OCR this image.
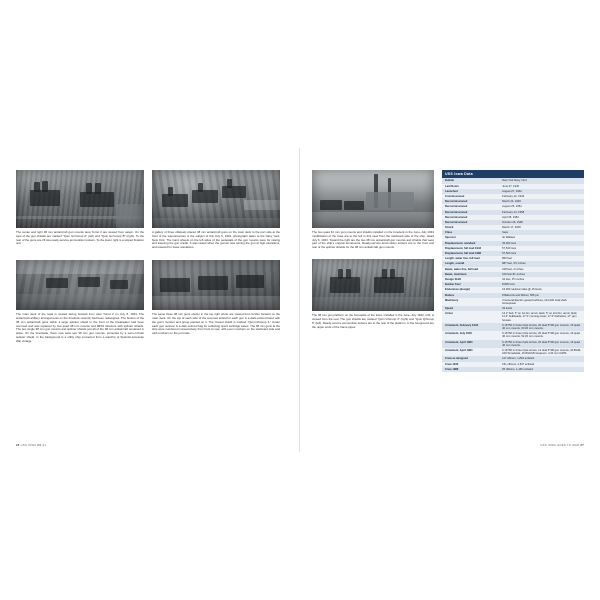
The center and right 38 mm antiaircraft gun mounts atop Turret 2 are viewed from astern. On the tops of the gun shields are marked "Quin Gn'Group A" (left) and "Quin Gn'Group B" (right). To the rear of the guns are 26 two-ready-service ammunition lockers. To the lower right is a sloped flotation unit.
A gallery of three obliquely placed 38 mm antiaircraft guns on the main deck to the port side at the front of the superstructure is the subject of this July 5, 1943, photograph taken at the Navy Yard, New York. The hand wheels on the left sides of the pedestals of the gun mounts were for raising and lowering the gun cradle. It was raised when the gunner was aiming the gun at high elevations, and lowered for lower elevations.
The main deck of the Iowa is viewed facing forward from atop Turret 2 on July 8, 1943. The antiaircraft artillery arrangements on the foredeck recently had been redesigned. The bottom of the 38 mm antiaircraft guns within a large splinter shield to the front of the breakwater had been removed and was replaced by two quad 38 mm mounts and 98/91 directors with splinter shields. The two single 38 mm gun mounts and splinter shields just aft of the 38 mm antiaircraft remained in place. On the forecastle, there now were two 38 mm gun mounts, protected by a semi-circular splinter shield. In the background is a utility ship converted from a warship of Spanish-American War vintage.
The same three 38 mm guns shown in the top right photo are viewed from further forward on the main deck. On the top of each side of the armored shield for each gun is a dark-colored band with the gun's number and group painted on it. The closest shield is marked "Quin N/Group 4." Under each gun receiver is a dark-colored bag for collecting spent cartridge cases. The 38 mm guns at the ship were numbered consecutively from front to rear, with even numbers on the starboard side and odd numbers on the port side.
26 USS IOWA BB-61
The two quad 40 mm gun mounts and shields installed on the foredeck in the June–July 1943 modification of the Iowa are to the left in this view from the starboard side of the ship, dated July 6, 1943. Toward the right are the two 38 mm antiaircraft gun mounts and shields that were part of the ship's original armaments. Ready-service ammunition lockers are to the front and rear of the splinter shields for the 38 mm antiaircraft gun mounts.
The 38 mm gun platform on the forecastle of the Iowa, installed in the June–July 1943, refit, is viewed from the rear. The gun shields are marked "Quin V/Group 4" (right) and "Quin Q/Group 5" (left). Ready-service ammunition lockers are to the rear of the platform. In the foreground are the upper ends of the frame pipes.
USS Iowa Data
Builder	New York Navy Yard
Laid Down	June 27, 1940
Launched	August 27, 1942
Commissioned	February 22, 1943
Decommissioned	March 24, 1949
Recommissioned	August 25, 1951
Decommissioned	February 24, 1958
Recommissioned	April 28, 1984
Decommissioned	October 26, 1990
Struck	March 17, 2006
Class	Iowa
Sponsor	Ilo Wallace
Displacement, standard	45,000 tons
Displacement, full load 1943	57,540 tons
Displacement, full load 1988	57,500 tons
Length, water line, full load	860 feet
Length, overall	887 feet, 3½ inches
Beam, water line, full load	108 feet, 2 inches
Beam, maximum	109 feet 8¼ inches
Design Draft	34 feet, 9½ inches
Bunker Fuel	8,835 tons
Endurance (design)	16,000 nautical miles @ 15 knots
Boilers	8 Babcock and Wilcox, 565 psi
Machinery	4 General Electric geared turbines, 212,000 total shaft horsepower
Speed	33 knots
Armor	12.2" belt, 5" on 1st lim. armor deck; 6" on 2nd lim. armor deck; 11.3" bulkheads; 17.3" conning tower; 17.3" barbettes; 17" gun houses.
Armament, February 1943	9 16"/50 in three triple turrets, 20 dual 5"/38 gun mounts, 15 quad 40 mm mounts, 60 20 mm mounts.
Armament, July 1945	9 16"/50 in three triple turrets, 20 dual 5"/38 gun mounts, 19 quad 40 mm mounts, 52 20 mm mounts.
Armament, April 1984	9 16"/50 in three triple turrets, 20 dual 5"/38 gun mounts, 16 quad 40 mm mounts.
Armament, April 1984	9 16"/50 in three triple turrets, 12 dual 5"/38 gun mounts, 32 BGM-109 Tomahawk, 16 RGM-84 Harpoon, 4 20 mm CIWS.
Crew as designed	117 officers, 1,804 enlisted.
Crew 1945	151 officers, 2,637 enlisted.
Crew 1988	65 officers, 1,445 enlisted.
USS IOWA GOES TO WAR 27
